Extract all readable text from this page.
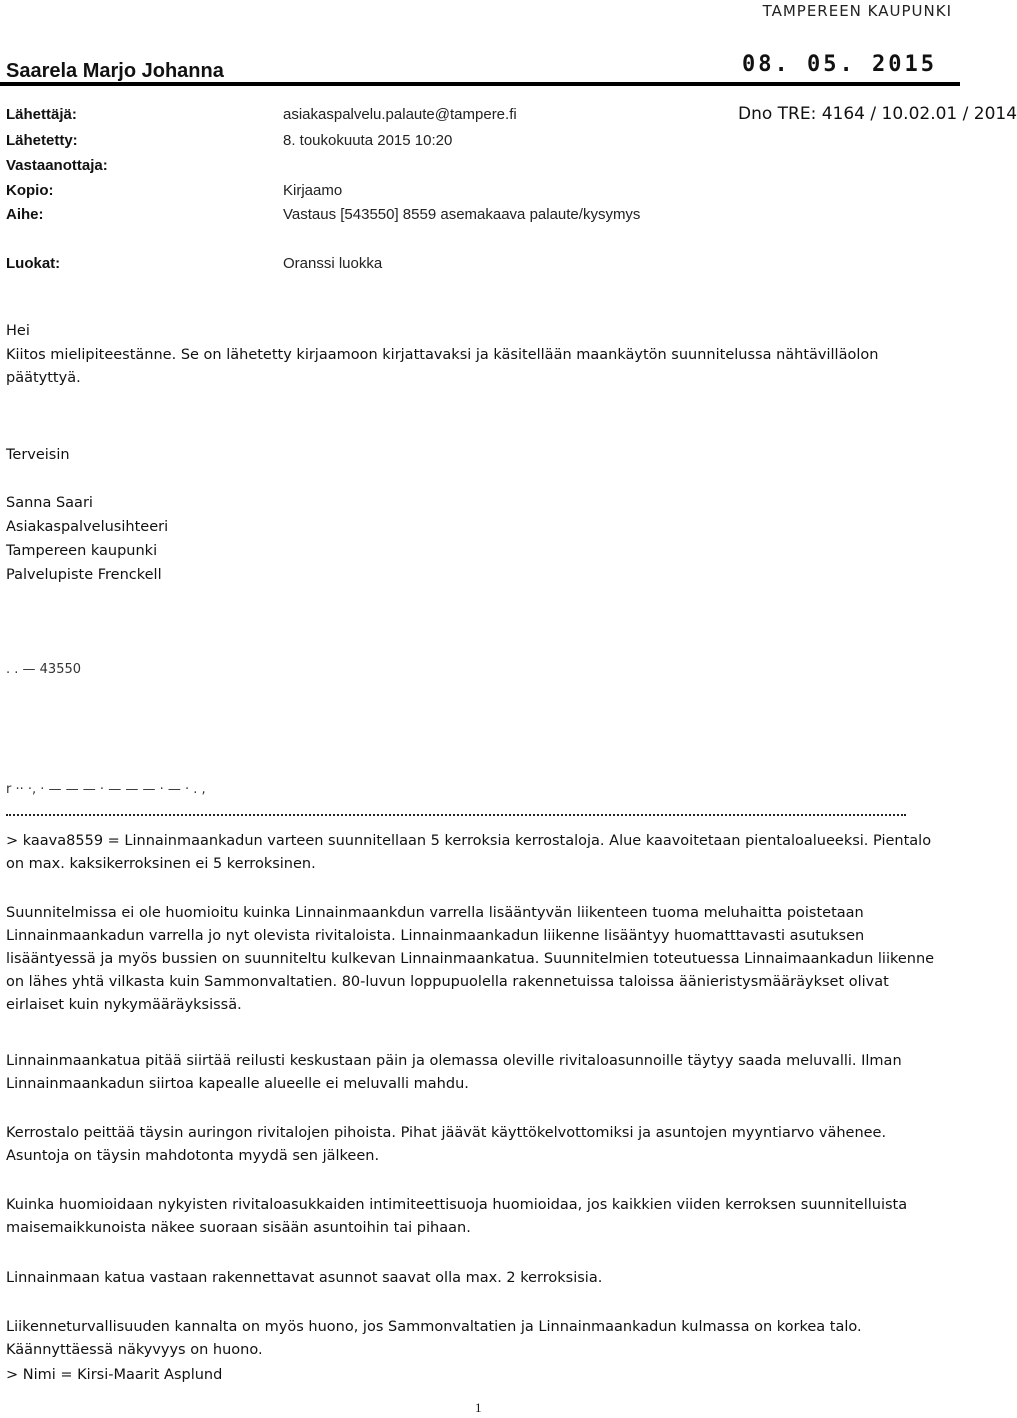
TAMPEREEN KAUPUNKI
Saarela Marjo Johanna	08. 05. 2015
Lähettäjä:	asiakaspalvelu.palaute@tampere.fi
Lähetetty:	8. toukokuuta 2015 10:20
Vastaanottaja:
Kopio:	Kirjaamo
Aihe:	Vastaus [543550] 8559 asemakaava palaute/kysymys
Luokat:	Oranssi luokka
Dno TRE: 4164 / 10.02.01 / 2014
Hei
Kiitos mielipiteestänne. Se on lähetetty kirjaamoon kirjattavaksi ja käsitellään maankäytön suunnitelussa nähtävilläolon päätyttyä.
Terveisin
Sanna Saari
Asiakaspalvelusihteeri
Tampereen kaupunki
Palvelupiste Frenckell
. . — 43550
r ·· ·, · — — — · — — — · — · . ,
> kaava8559 = Linnainmaankadun varteen suunnitellaan 5 kerroksia kerrostaloja. Alue kaavoitetaan pientaloalueeksi. Pientalo on max. kaksikerroksinen ei 5 kerroksinen.
Suunnitelmissa ei ole huomioitu kuinka Linnainmaankdun varrella lisääntyvän liikenteen tuoma meluhaitta poistetaan Linnainmaankadun varrella jo nyt olevista rivitaloista. Linnainmaankadun liikenne lisääntyy huomatttavasti asutuksen lisääntyessä ja myös bussien on suunniteltu kulkevan Linnainmaankatua. Suunnitelmien toteutuessa Linnaimaankadun liikenne on lähes yhtä vilkasta kuin Sammonvaltatien. 80-luvun loppupuolella rakennetuissa taloissa äänieristysmääräykset olivat eirlaiset kuin nykymääräyksissä.
Linnainmaankatua pitää siirtää reilusti keskustaan päin ja olemassa oleville rivitaloasunnoille täytyy saada meluvalli. Ilman Linnainmaankadun siirtoa kapealle alueelle ei meluvalli mahdu.
Kerrostalo peittää täysin auringon rivitalojen pihoista. Pihat jäävät käyttökelvottomiksi ja asuntojen myyntiarvo vähenee. Asuntoja on täysin mahdotonta myydä sen jälkeen.
Kuinka huomioidaan nykyisten rivitaloasukkaiden intimiteettisuoja huomioidaa, jos kaikkien viiden kerroksen suunnitelluista maisemaikkunoista näkee suoraan sisään asuntoihin tai pihaan.
Linnainmaan katua vastaan rakennettavat asunnot saavat olla max. 2 kerroksisia.
Liikenneturvallisuuden kannalta on myös huono, jos Sammonvaltatien ja Linnainmaankadun kulmassa on korkea talo. Käännyttäessä näkyvyys on huono.
> Nimi = Kirsi-Maarit Asplund
1
